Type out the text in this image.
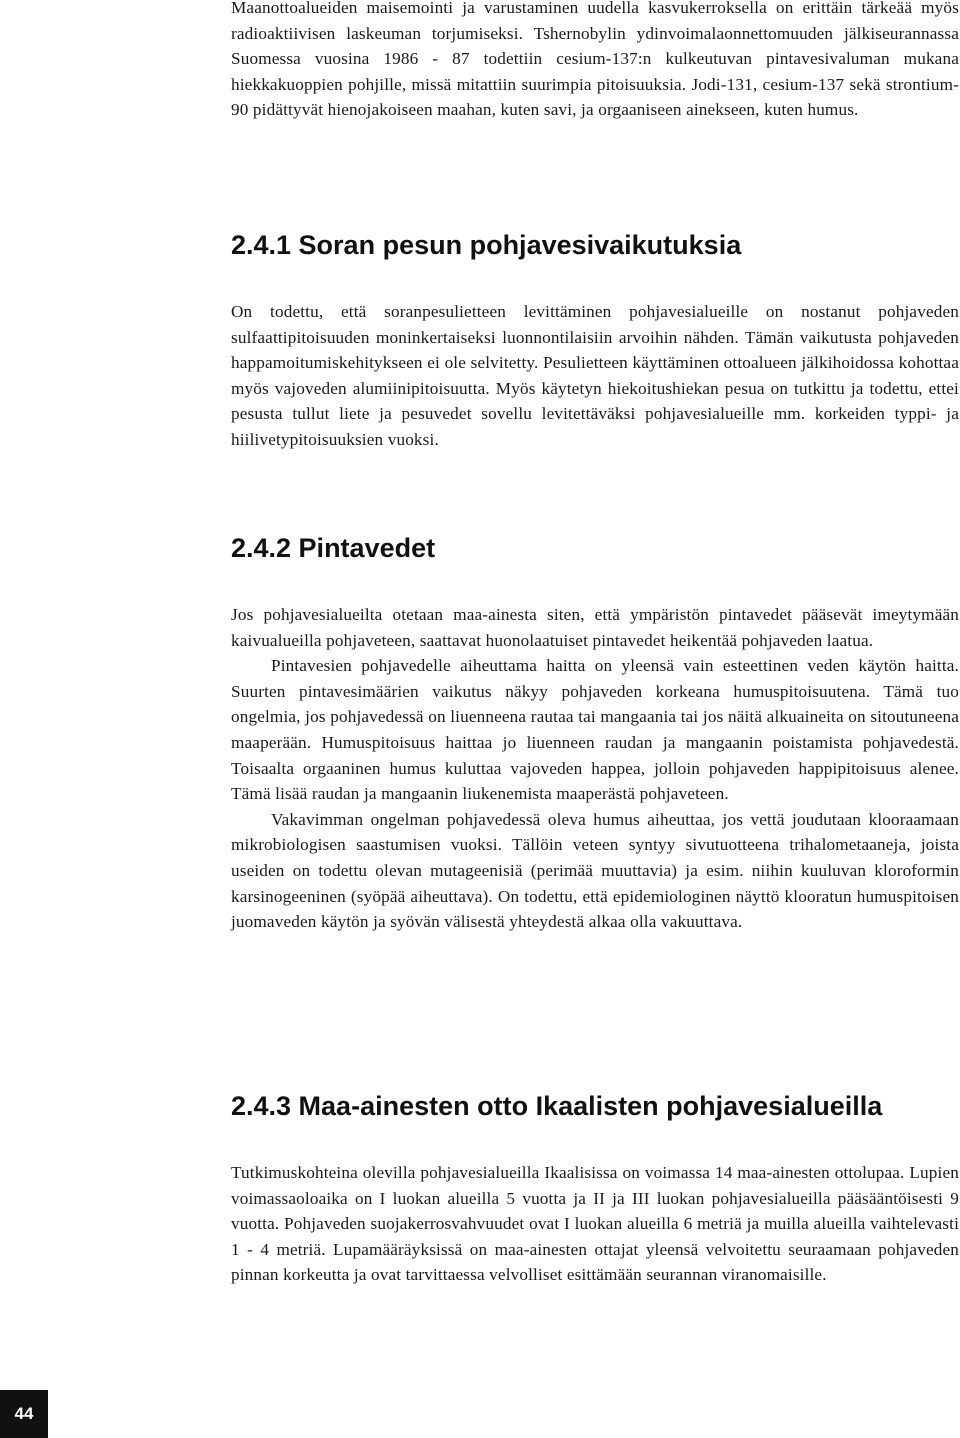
Maanottoalueiden maisemointi ja varustaminen uudella kasvukerroksella on erittäin tärkeää myös radioaktiivisen laskeuman torjumiseksi. Tshernobylin ydinvoimalaonnettomuuden jälkiseurannassa Suomessa vuosina 1986 - 87 todettiin cesium-137:n kulkeutuvan pintavesivaluman mukana hiekkakuoppien pohjille, missä mitattiin suurimpia pitoisuuksia. Jodi-131, cesium-137 sekä strontium-90 pidättyvät hienojakoiseen maahan, kuten savi, ja orgaaniseen ainekseen, kuten humus.

2.4.1 Soran pesun pohjavesivaikutuksia

On todettu, että soranpesulietteen levittäminen pohjavesialueille on nostanut pohjaveden sulfaattipitoisuuden moninkertaiseksi luonnontilaisiin arvoihin nähden. Tämän vaikutusta pohjaveden happamoitumiskehitykseen ei ole selvitetty. Pesulietteen käyttäminen ottoalueen jälkihoidossa kohottaa myös vajoveden alumiinipitoisuutta. Myös käytetyn hiekoitushiekan pesua on tutkittu ja todettu, ettei pesusta tullut liete ja pesuvedet sovellu levitettäväksi pohjavesialueille mm. korkeiden typpi- ja hiilivetypitoisuuksien vuoksi.

2.4.2 Pintavedet

Jos pohjavesialueilta otetaan maa-ainesta siten, että ympäristön pintavedet pääsevät imeytymään kaivualueilla pohjaveteen, saattavat huonolaatuiset pintavedet heikentää pohjaveden laatua.

Pintavesien pohjavedelle aiheuttama haitta on yleensä vain esteettinen veden käytön haitta. Suurten pintavesimäärien vaikutus näkyy pohjaveden korkeana humuspitoisuutena. Tämä tuo ongelmia, jos pohjavedessä on liuenneena rautaa tai mangaania tai jos näitä alkuaineita on sitoutuneena maaperään. Humuspitoisuus haittaa jo liuenneen raudan ja mangaanin poistamista pohjavedestä. Toisaalta orgaaninen humus kuluttaa vajoveden happea, jolloin pohjaveden happipitoisuus alenee. Tämä lisää raudan ja mangaanin liukenemista maaperästä pohjaveteen.

Vakavimman ongelman pohjavedessä oleva humus aiheuttaa, jos vettä joudutaan klooraamaan mikrobiologisen saastumisen vuoksi. Tällöin veteen syntyy sivutuotteena trihalometaaneja, joista useiden on todettu olevan mutageenisiä (perimää muuttavia) ja esim. niihin kuuluvan kloroformin karsinogeeninen (syöpää aiheuttava). On todettu, että epidemiologinen näyttö klooratun humuspitoisen juomaveden käytön ja syövän välisestä yhteydestä alkaa olla vakuuttava.

2.4.3 Maa-ainesten otto Ikaalisten pohjavesialueilla

Tutkimuskohteina olevilla pohjavesialueilla Ikaalisissa on voimassa 14 maa-ainesten ottolupaa. Lupien voimassaoloaika on I luokan alueilla 5 vuotta ja II ja III luokan pohjavesialueilla pääsääntöisesti 9 vuotta. Pohjaveden suojakerrosvahvuudet ovat I luokan alueilla 6 metriä ja muilla alueilla vaihtelevasti 1 - 4 metriä. Lupamääräyksissä on maa-ainesten ottajat yleensä velvoitettu seuraamaan pohjaveden pinnan korkeutta ja ovat tarvittaessa velvolliset esittämään seurannan viranomaisille.

44
